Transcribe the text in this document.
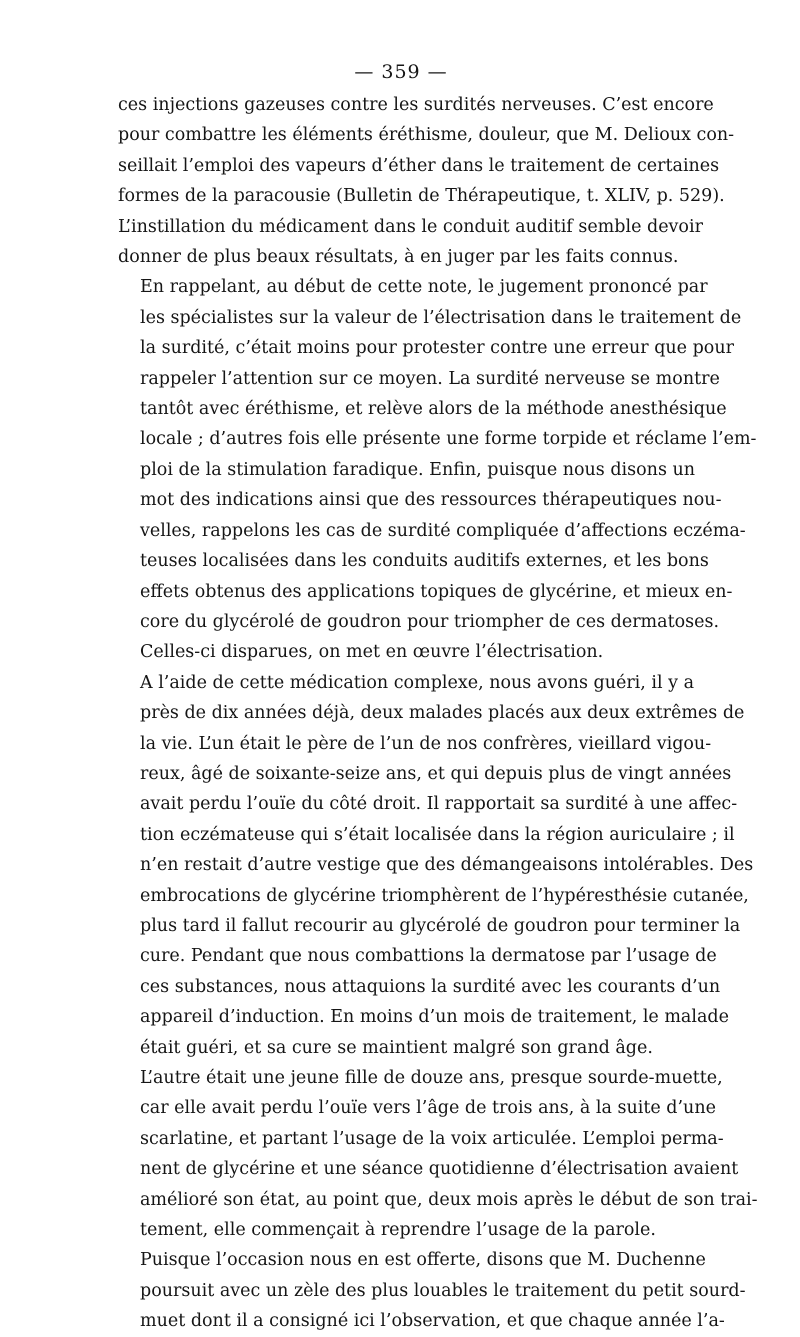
— 359 —

ces injections gazeuses contre les surdités nerveuses. C’est encore
pour combattre les éléments éréthisme, douleur, que M. Delioux con-
seillait l’emploi des vapeurs d’éther dans le traitement de certaines
formes de la paracousie (Bulletin de Thérapeutique, t. XLIV, p. 529).
L’instillation du médicament dans le conduit auditif semble devoir
donner de plus beaux résultats, à en juger par les faits connus.

En rappelant, au début de cette note, le jugement prononcé par
les spécialistes sur la valeur de l’électrisation dans le traitement de
la surdité, c’était moins pour protester contre une erreur que pour
rappeler l’attention sur ce moyen. La surdité nerveuse se montre
tantôt avec éréthisme, et relève alors de la méthode anesthésique
locale ; d’autres fois elle présente une forme torpide et réclame l’em-
ploi de la stimulation faradique. Enfin, puisque nous disons un
mot des indications ainsi que des ressources thérapeutiques nou-
velles, rappelons les cas de surdité compliquée d’affections eczéma-
teuses localisées dans les conduits auditifs externes, et les bons
effets obtenus des applications topiques de glycérine, et mieux en-
core du glycérolé de goudron pour triompher de ces dermatoses.
Celles-ci disparues, on met en œuvre l’électrisation.

A l’aide de cette médication complexe, nous avons guéri, il y a
près de dix années déjà, deux malades placés aux deux extrêmes de
la vie. L’un était le père de l’un de nos confrères, vieillard vigou-
reux, âgé de soixante-seize ans, et qui depuis plus de vingt années
avait perdu l’ouïe du côté droit. Il rapportait sa surdité à une affec-
tion eczémateuse qui s’était localisée dans la région auriculaire ; il
n’en restait d’autre vestige que des démangeaisons intolérables. Des
embrocations de glycérine triomphèrent de l’hypéresthésie cutanée,
plus tard il fallut recourir au glycérolé de goudron pour terminer la
cure. Pendant que nous combattions la dermatose par l’usage de
ces substances, nous attaquions la surdité avec les courants d’un
appareil d’induction. En moins d’un mois de traitement, le malade
était guéri, et sa cure se maintient malgré son grand âge.

L’autre était une jeune fille de douze ans, presque sourde-muette,
car elle avait perdu l’ouïe vers l’âge de trois ans, à la suite d’une
scarlatine, et partant l’usage de la voix articulée. L’emploi perma-
nent de glycérine et une séance quotidienne d’électrisation avaient
amélioré son état, au point que, deux mois après le début de son trai-
tement, elle commençait à reprendre l’usage de la parole.

Puisque l’occasion nous en est offerte, disons que M. Duchenne
poursuit avec un zèle des plus louables le traitement du petit sourd-
muet dont il a consigné ici l’observation, et que chaque année l’a-
